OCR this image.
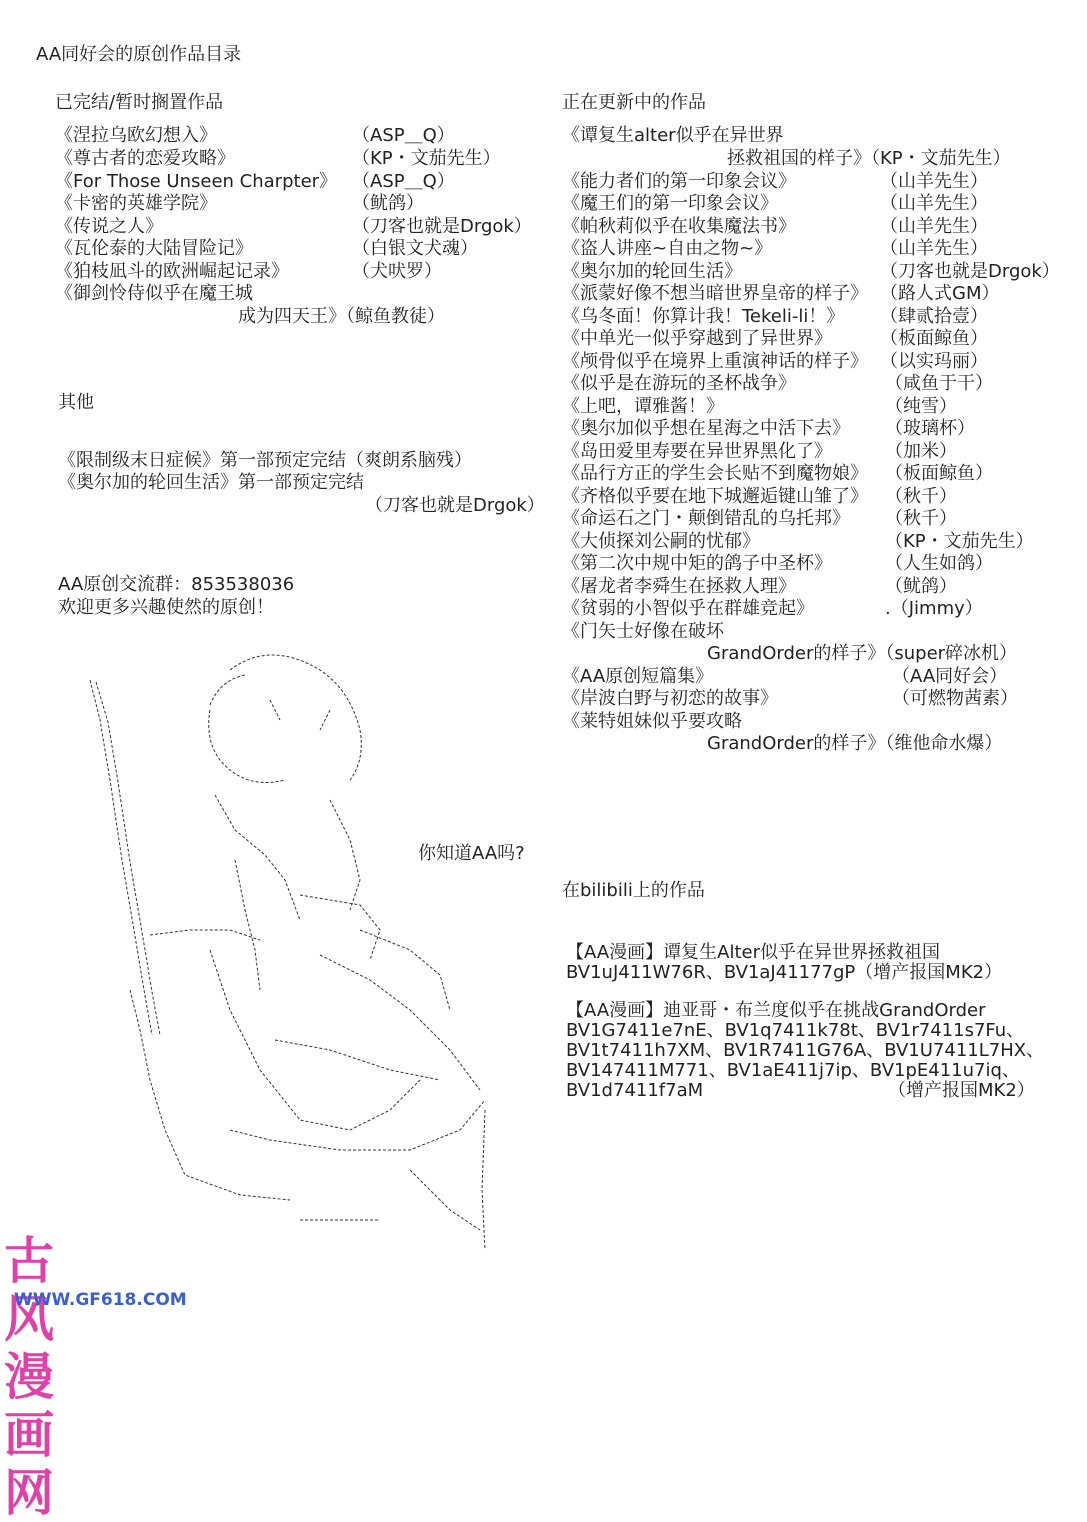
AA同好会的原创作品目录
已完结/暂时搁置作品
《涅拉乌欧幻想入》	（ASP＿Q）
《尊古者的恋爱攻略》	（KP・文茄先生）
《For Those Unseen Charpter》 （ASP＿Q）
《卡密的英雄学院》	（鱿鸽）
《传说之人》	（刀客也就是Drgok）
《瓦伦泰的大陆冒险记》	（白银文犬魂）
《狛枝凪斗的欧洲崛起记录》	（犬吠罗）
《御剑怜侍似乎在魔王城
成为四天王》（鲸鱼教徒）
其他
《限制级末日症候》第一部预定完结（爽朗系脑残）
《奥尔加的轮回生活》第一部预定完结
（刀客也就是Drgok）
AA原创交流群：853538036
欢迎更多兴趣使然的原创！
你知道AA吗?
正在更新中的作品
《谭复生alter似乎在异世界
拯救祖国的样子》（KP・文茄先生）
《能力者们的第一印象会议》	（山羊先生）
《魔王们的第一印象会议》	（山羊先生）
《帕秋莉似乎在收集魔法书》	（山羊先生）
《盗人讲座~自由之物~》	（山羊先生）
《奥尔加的轮回生活》	（刀客也就是Drgok）
《派蒙好像不想当暗世界皇帝的样子》 （路人式GM）
《乌冬面！你算计我！Tekeli-li！》 （肆贰拾壹）
《中单光一似乎穿越到了异世界》	（板面鲸鱼）
《颅骨似乎在境界上重演神话的样子》 （以实玛丽）
《似乎是在游玩的圣杯战争》	（咸鱼于干）
《上吧，谭雅酱！》	（纯雪）
《奥尔加似乎想在星海之中活下去》 （玻璃杯）
《岛田爱里寿要在异世界黑化了》	（加米）
《品行方正的学生会长贴不到魔物娘》 （板面鲸鱼）
《齐格似乎要在地下城邂逅键山雏了》 （秋千）
《命运石之门・颠倒错乱的乌托邦》 （秋千）
《大侦探刘公嗣的忧郁》	（KP・文茄先生）
《第二次中规中矩的鸽子中圣杯》	（人生如鸽）
《屠龙者李舜生在拯救人理》	（鱿鸽）
《贫弱的小智似乎在群雄竞起》	.（Jimmy）
《门矢士好像在破坏
GrandOrder的样子》（super碎冰机）
《AA原创短篇集》	（AA同好会）
《岸波白野与初恋的故事》	（可燃物茜素）
《莱特姐妹似乎要攻略
GrandOrder的样子》（维他命水爆）
在bilibili上的作品
【AA漫画】谭复生Alter似乎在异世界拯救祖国
BV1uJ411W76R、BV1aJ41177gP（增产报国MK2）
【AA漫画】迪亚哥・布兰度似乎在挑战GrandOrder
BV1G7411e7nE、BV1q7411k78t、BV1r7411s7Fu、
BV1t7411h7XM、BV1R7411G76A、BV1U7411L7HX、
BV147411M771、BV1aE411j7ip、BV1pE411u7iq、
BV1d7411f7aM	（增产报国MK2）
古风漫画网
WWW.GF618.COM
